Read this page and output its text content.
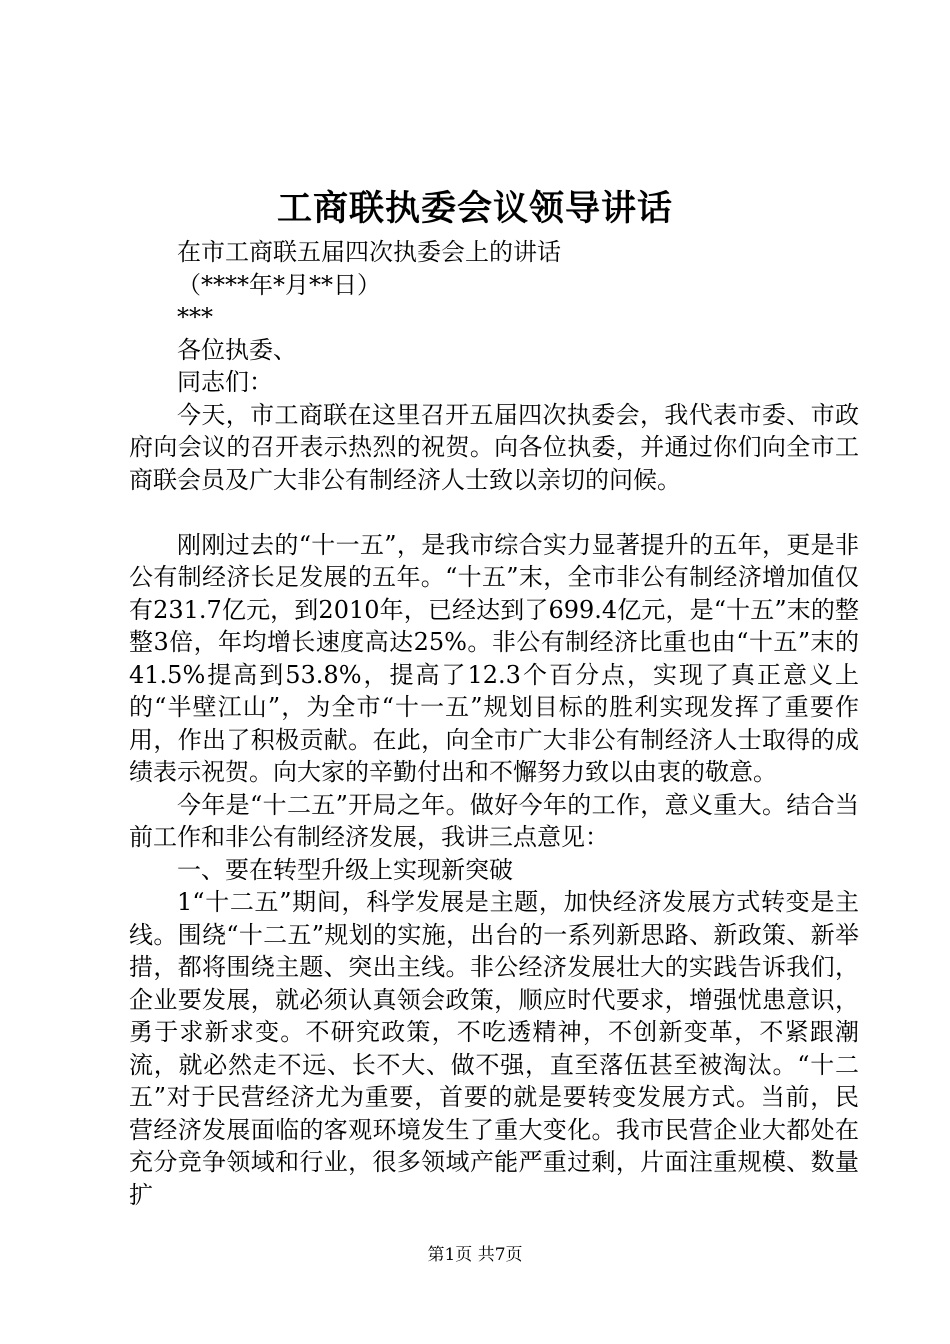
工商联执委会议领导讲话
在市工商联五届四次执委会上的讲话
（****年*月**日）
***
各位执委、
同志们：
今天，市工商联在这里召开五届四次执委会，我代表市委、市政府向会议的召开表示热烈的祝贺。向各位执委，并通过你们向全市工商联会员及广大非公有制经济人士致以亲切的问候。
刚刚过去的“十一五”，是我市综合实力显著提升的五年，更是非公有制经济长足发展的五年。“十五”末，全市非公有制经济增加值仅有231.7亿元，到2010年，已经达到了699.4亿元，是“十五”末的整整3倍，年均增长速度高达25%。非公有制经济比重也由“十五”末的41.5%提高到53.8%，提高了12.3个百分点，实现了真正意义上的“半壁江山”，为全市“十一五”规划目标的胜利实现发挥了重要作用，作出了积极贡献。在此，向全市广大非公有制经济人士取得的成绩表示祝贺。向大家的辛勤付出和不懈努力致以由衷的敬意。
今年是“十二五”开局之年。做好今年的工作，意义重大。结合当前工作和非公有制经济发展，我讲三点意见：
一、要在转型升级上实现新突破
1“十二五”期间，科学发展是主题，加快经济发展方式转变是主线。围绕“十二五”规划的实施，出台的一系列新思路、新政策、新举措，都将围绕主题、突出主线。非公经济发展壮大的实践告诉我们，企业要发展，就必须认真领会政策，顺应时代要求，增强忧患意识，勇于求新求变。不研究政策，不吃透精神，不创新变革，不紧跟潮流，就必然走不远、长不大、做不强，直至落伍甚至被淘汰。“十二五”对于民营经济尤为重要，首要的就是要转变发展方式。当前，民营经济发展面临的客观环境发生了重大变化。我市民营企业大都处在充分竞争领域和行业，很多领域产能严重过剩，片面注重规模、数量扩
第1页 共7页
